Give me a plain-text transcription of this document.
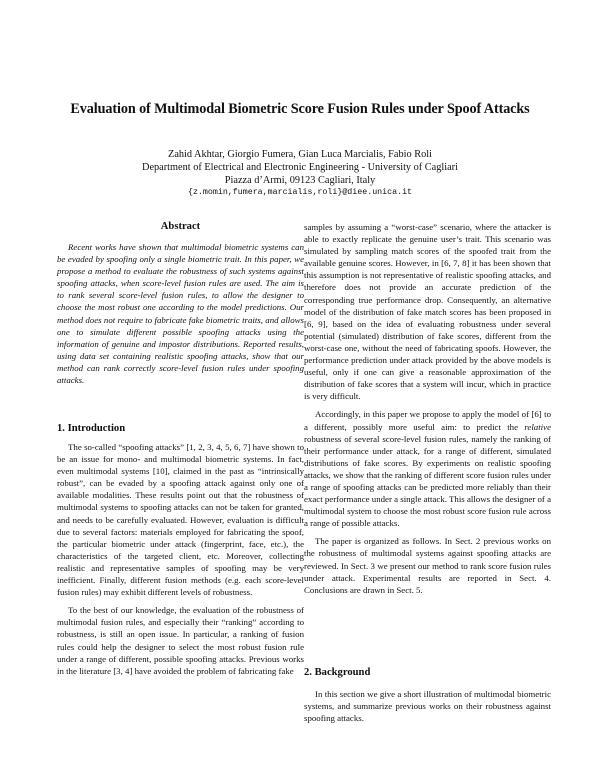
Evaluation of Multimodal Biometric Score Fusion Rules under Spoof Attacks
Zahid Akhtar, Giorgio Fumera, Gian Luca Marcialis, Fabio Roli
Department of Electrical and Electronic Engineering - University of Cagliari
Piazza d’Armi, 09123 Cagliari, Italy
{z.momin,fumera,marcialis,roli}@diee.unica.it
Abstract

Recent works have shown that multimodal biometric systems can be evaded by spoofing only a single biometric trait. In this paper, we propose a method to evaluate the robustness of such systems against spoofing attacks, when score-level fusion rules are used. The aim is to rank several score-level fusion rules, to allow the designer to choose the most robust one according to the model predictions. Our method does not require to fabricate fake biometric traits, and allows one to simulate different possible spoofing attacks using the information of genuine and impostor distributions. Reported results, using data set containing realistic spoofing attacks, show that our method can rank correctly score-level fusion rules under spoofing attacks.

1. Introduction

The so-called “spoofing attacks” [1, 2, 3, 4, 5, 6, 7] have shown to be an issue for mono- and multimodal biometric systems. In fact, even multimodal systems [10], claimed in the past as “intrinsically robust”, can be evaded by a spoofing attack against only one of available modalities. These results point out that the robustness of multimodal systems to spoofing attacks can not be taken for granted, and needs to be carefully evaluated. However, evaluation is difficult due to several factors: materials employed for fabricating the spoof, the particular biometric under attack (fingerprint, face, etc.), the characteristics of the targeted client, etc. Moreover, collecting realistic and representative samples of spoofing may be very inefficient. Finally, different fusion methods (e.g. each score-level fusion rules) may exhibit different levels of robustness.

To the best of our knowledge, the evaluation of the robustness of multimodal fusion rules, and especially their “ranking” according to robustness, is still an open issue. In particular, a ranking of fusion rules could help the designer to select the most robust fusion rule under a range of different, possible spoofing attacks. Previous works in the literature [3, 4] have avoided the problem of fabricating fake

samples by assuming a “worst-case” scenario, where the attacker is able to exactly replicate the genuine user’s trait. This scenario was simulated by sampling match scores of the spoofed trait from the available genuine scores. However, in [6, 7, 8] it has been shown that this assumption is not representative of realistic spoofing attacks, and therefore does not provide an accurate prediction of the corresponding true performance drop. Consequently, an alternative model of the distribution of fake match scores has been proposed in [6, 9], based on the idea of evaluating robustness under several potential (simulated) distribution of fake scores, different from the worst-case one, without the need of fabricating spoofs. However, the performance prediction under attack provided by the above models is useful, only if one can give a reasonable approximation of the distribution of fake scores that a system will incur, which in practice is very difficult.

Accordingly, in this paper we propose to apply the model of [6] to a different, possibly more useful aim: to predict the relative robustness of several score-level fusion rules, namely the ranking of their performance under attack, for a range of different, simulated distributions of fake scores. By experiments on realistic spoofing attacks, we show that the ranking of different score fusion rules under a range of spoofing attacks can be predicted more reliably than their exact performance under a single attack. This allows the designer of a multimodal system to choose the most robust score fusion rule across a range of possible attacks.

The paper is organized as follows. In Sect. 2 previous works on the robustness of multimodal systems against spoofing attacks are reviewed. In Sect. 3 we present our method to rank score fusion rules under attack. Experimental results are reported in Sect. 4. Conclusions are drawn in Sect. 5.

2. Background

In this section we give a short illustration of multimodal biometric systems, and summarize previous works on their robustness against spoofing attacks.
